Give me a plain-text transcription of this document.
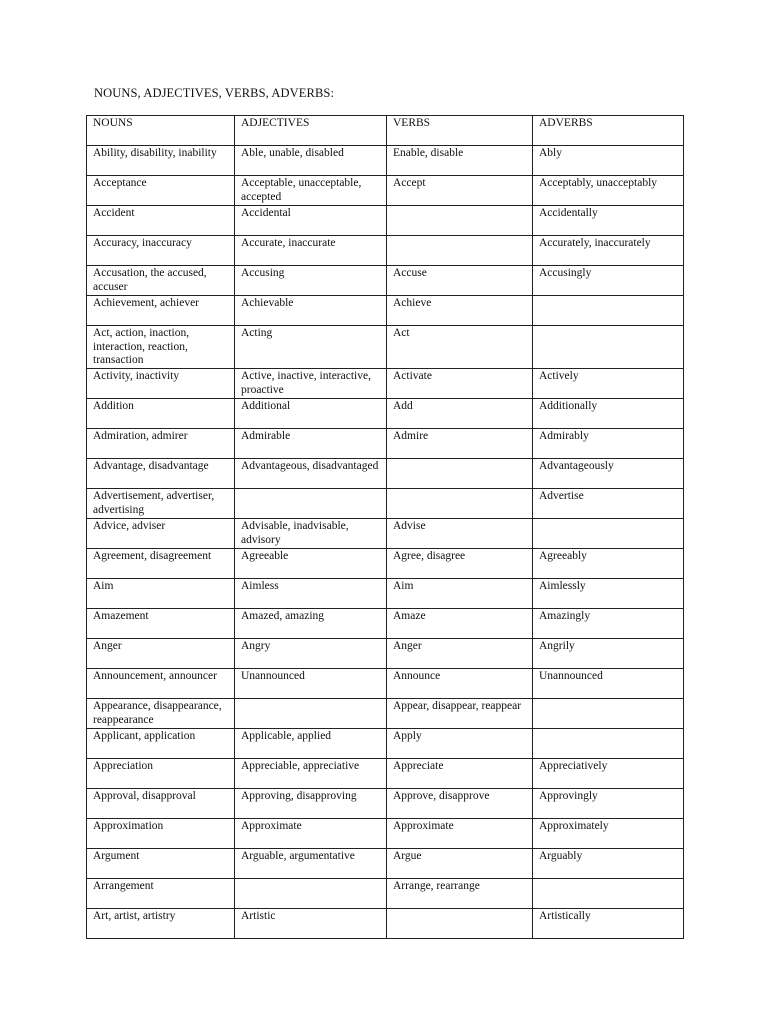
NOUNS, ADJECTIVES, VERBS, ADVERBS:
NOUNS	ADJECTIVES	VERBS	ADVERBS
Ability, disability, inability	Able, unable, disabled	Enable, disable	Ably
Acceptance	Acceptable, unacceptable, accepted	Accept	Acceptably, unacceptably
Accident	Accidental		Accidentally
Accuracy, inaccuracy	Accurate, inaccurate		Accurately, inaccurately
Accusation, the accused, accuser	Accusing	Accuse	Accusingly
Achievement, achiever	Achievable	Achieve	
Act, action, inaction, interaction, reaction, transaction	Acting	Act	
Activity, inactivity	Active, inactive, interactive, proactive	Activate	Actively
Addition	Additional	Add	Additionally
Admiration, admirer	Admirable	Admire	Admirably
Advantage, disadvantage	Advantageous, disadvantaged		Advantageously
Advertisement, advertiser, advertising			Advertise
Advice, adviser	Advisable, inadvisable, advisory	Advise	
Agreement, disagreement	Agreeable	Agree, disagree	Agreeably
Aim	Aimless	Aim	Aimlessly
Amazement	Amazed, amazing	Amaze	Amazingly
Anger	Angry	Anger	Angrily
Announcement, announcer	Unannounced	Announce	Unannounced
Appearance, disappearance, reappearance		Appear, disappear, reappear	
Applicant, application	Applicable, applied	Apply	
Appreciation	Appreciable, appreciative	Appreciate	Appreciatively
Approval, disapproval	Approving, disapproving	Approve, disapprove	Approvingly
Approximation	Approximate	Approximate	Approximately
Argument	Arguable, argumentative	Argue	Arguably
Arrangement		Arrange, rearrange	
Art, artist, artistry	Artistic		Artistically
